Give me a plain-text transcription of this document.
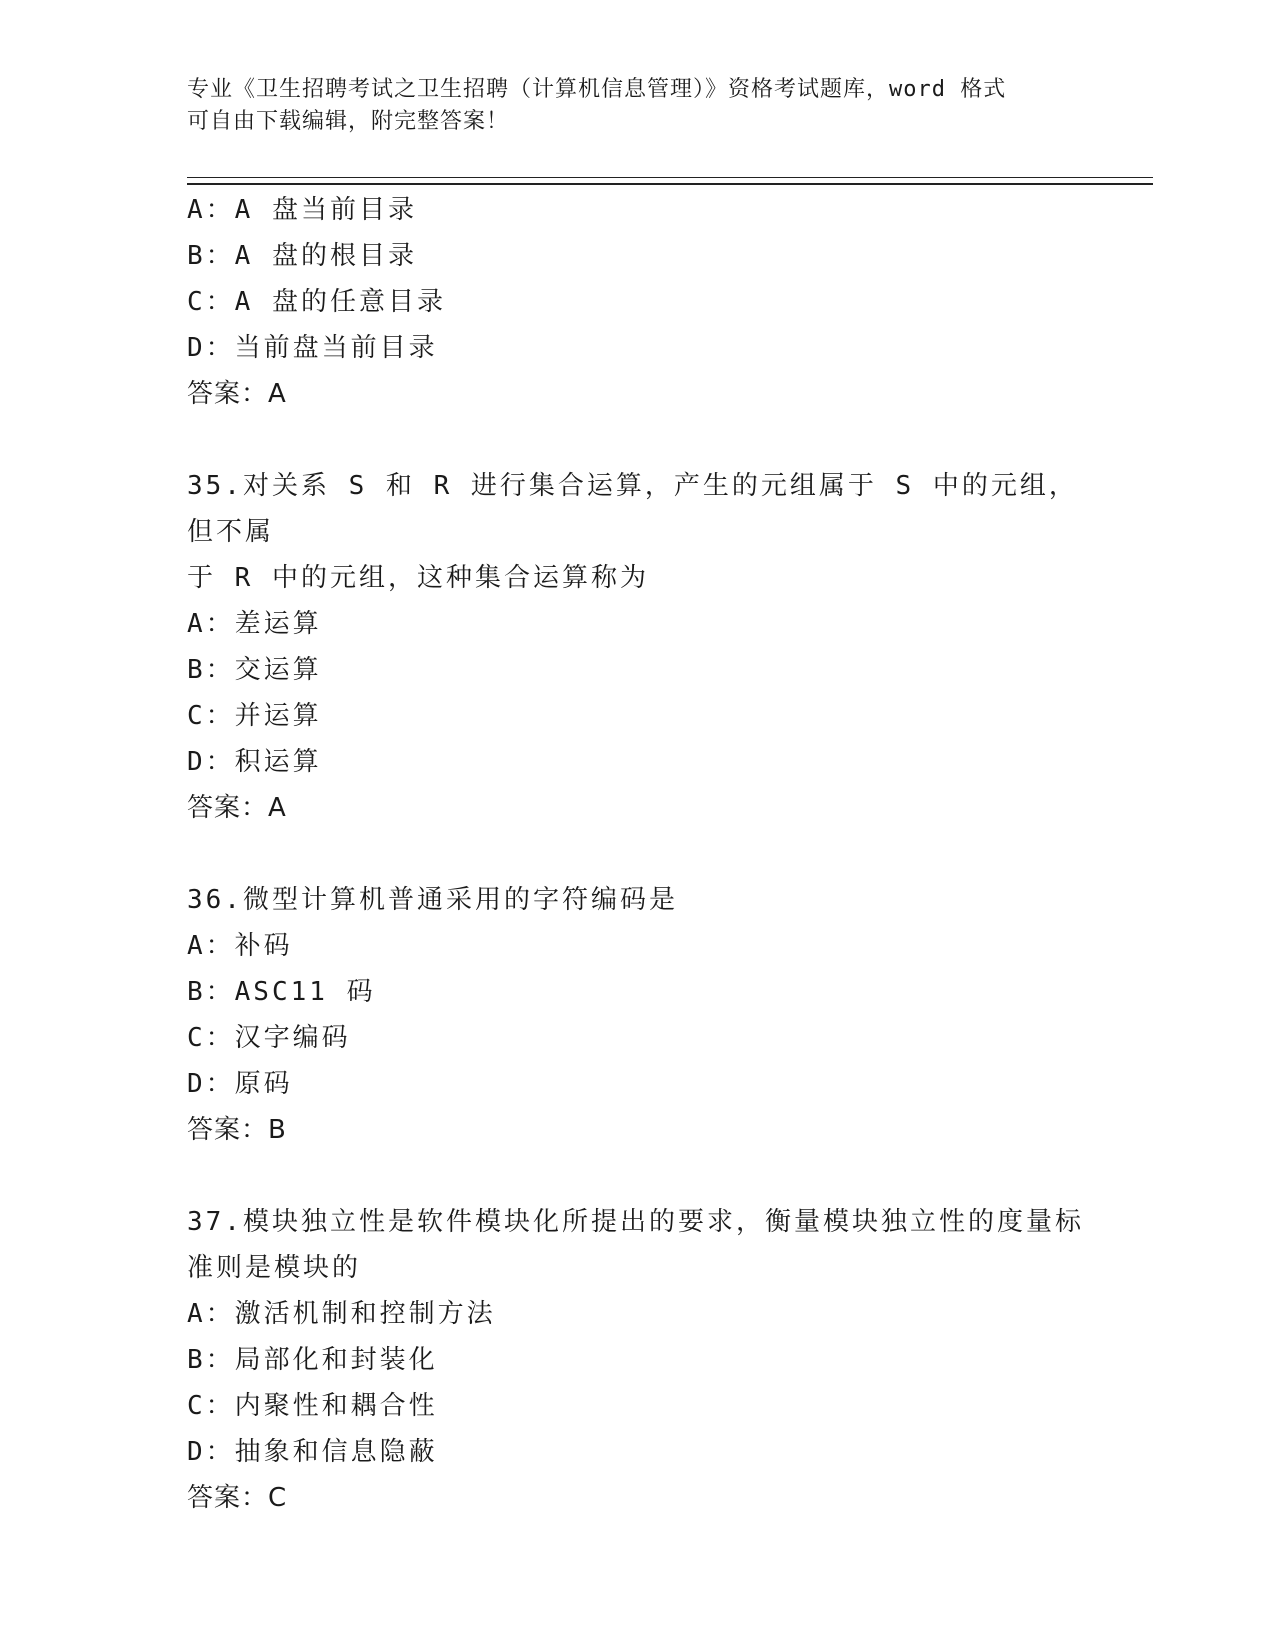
专业《卫生招聘考试之卫生招聘（计算机信息管理）》资格考试题库，word 格式
可自由下载编辑，附完整答案！
A：A 盘当前目录
B：A 盘的根目录
C：A 盘的任意目录
D：当前盘当前目录
答案：A
35.对关系 S 和 R 进行集合运算，产生的元组属于 S 中的元组，但不属
于 R 中的元组，这种集合运算称为
A：差运算
B：交运算
C：并运算
D：积运算
答案：A
36.微型计算机普通采用的字符编码是
A：补码
B：ASC11 码
C：汉字编码
D：原码
答案：B
37.模块独立性是软件模块化所提出的要求，衡量模块独立性的度量标
准则是模块的
A：激活机制和控制方法
B：局部化和封装化
C：内聚性和耦合性
D：抽象和信息隐蔽
答案：C
